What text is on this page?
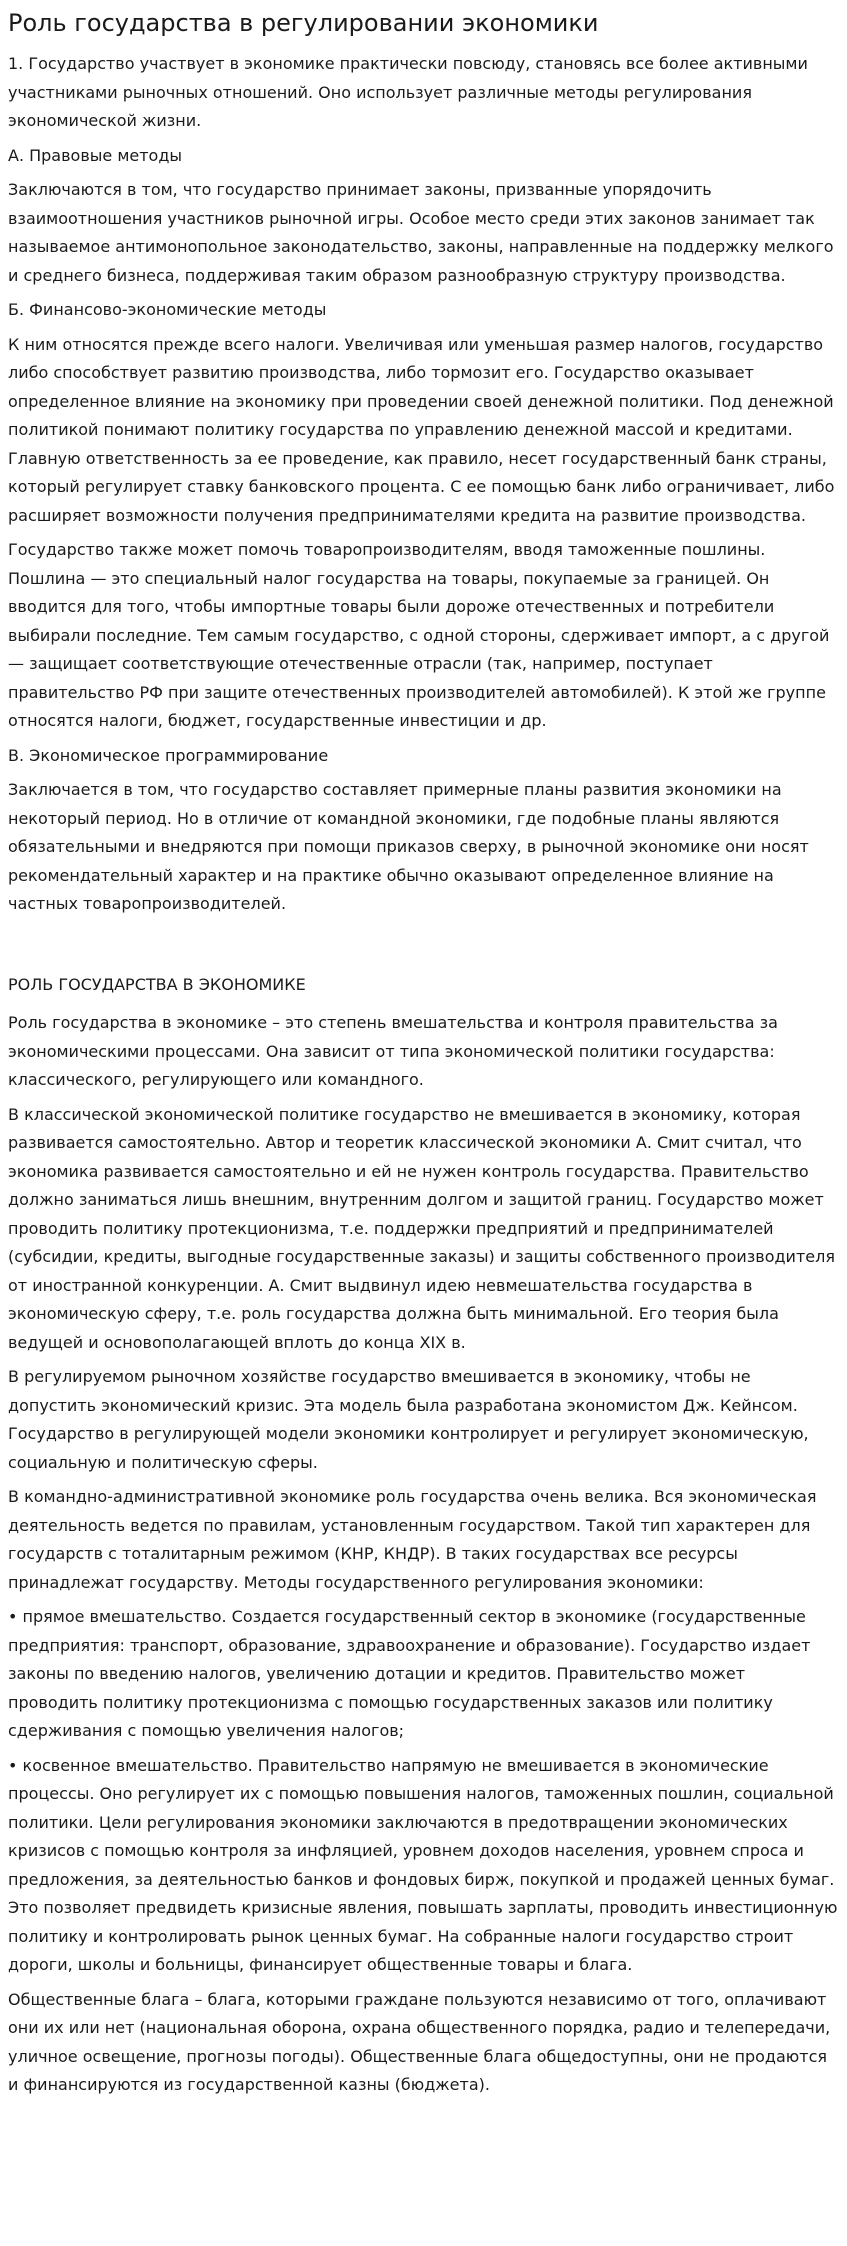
Роль государства в регулировании экономики

1. Государство участвует в экономике практически повсюду, становясь все более активными участниками рыночных отношений. Оно использует различные методы регулирования экономической жизни.

А. Правовые методы

Заключаются в том, что государство принимает законы, призванные упорядочить взаимоотношения участников рыночной игры. Особое место среди этих законов занимает так называемое антимонопольное законодательство, законы, направленные на поддержку мелкого и среднего бизнеса, поддерживая таким образом разнообразную структуру производства.

Б. Финансово-экономические методы

К ним относятся прежде всего налоги. Увеличивая или уменьшая размер налогов, государство либо способствует развитию производства, либо тормозит его. Государство оказывает определенное влияние на экономику при проведении своей денежной политики. Под денежной политикой понимают политику государства по управлению денежной массой и кредитами. Главную ответственность за ее проведение, как правило, несет государственный банк страны, который регулирует ставку банковского процента. С ее помощью банк либо ограничивает, либо расширяет возможности получения предпринимателями кредита на развитие производства.

Государство также может помочь товаропроизводителям, вводя таможенные пошлины. Пошлина — это специальный налог государства на товары, покупаемые за границей. Он вводится для того, чтобы импортные товары были дороже отечественных и потребители выбирали последние. Тем самым государство, с одной стороны, сдерживает импорт, а с другой — защищает соответствующие отечественные отрасли (так, например, поступает правительство РФ при защите отечественных производителей автомобилей). К этой же группе относятся налоги, бюджет, государственные инвестиции и др.

В. Экономическое программирование

Заключается в том, что государство составляет примерные планы развития экономики на некоторый период. Но в отличие от командной экономики, где подобные планы являются обязательными и внедряются при помощи приказов сверху, в рыночной экономике они носят рекомендательный характер и на практике обычно оказывают определенное влияние на частных товаропроизводителей.

РОЛЬ ГОСУДАРСТВА В ЭКОНОМИКЕ

Роль государства в экономике – это степень вмешательства и контроля правительства за экономическими процессами. Она зависит от типа экономической политики государства: классического, регулирующего или командного.

В классической экономической политике государство не вмешивается в экономику, которая развивается самостоятельно. Автор и теоретик классической экономики А. Смит считал, что экономика развивается самостоятельно и ей не нужен контроль государства. Правительство должно заниматься лишь внешним, внутренним долгом и защитой границ. Государство может проводить политику протекционизма, т.е. поддержки предприятий и предпринимателей (субсидии, кредиты, выгодные государственные заказы) и защиты собственного производителя от иностранной конкуренции. А. Смит выдвинул идею невмешательства государства в экономическую сферу, т.е. роль государства должна быть минимальной. Его теория была ведущей и основополагающей вплоть до конца XIX в.

В регулируемом рыночном хозяйстве государство вмешивается в экономику, чтобы не допустить экономический кризис. Эта модель была разработана экономистом Дж. Кейнсом. Государство в регулирующей модели экономики контролирует и регулирует экономическую, социальную и политическую сферы.

В командно-административной экономике роль государства очень велика. Вся экономическая деятельность ведется по правилам, установленным государством. Такой тип характерен для государств с тоталитарным режимом (КНР, КНДР). В таких государствах все ресурсы принадлежат государству. Методы государственного регулирования экономики:

• прямое вмешательство. Создается государственный сектор в экономике (государственные предприятия: транспорт, образование, здравоохранение и образование). Государство издает законы по введению налогов, увеличению дотации и кредитов. Правительство может проводить политику протекционизма с помощью государственных заказов или политику сдерживания с помощью увеличения налогов;

• косвенное вмешательство. Правительство напрямую не вмешивается в экономические процессы. Оно регулирует их с помощью повышения налогов, таможенных пошлин, социальной политики. Цели регулирования экономики заключаются в предотвращении экономических кризисов с помощью контроля за инфляцией, уровнем доходов населения, уровнем спроса и предложения, за деятельностью банков и фондовых бирж, покупкой и продажей ценных бумаг. Это позволяет предвидеть кризисные явления, повышать зарплаты, проводить инвестиционную политику и контролировать рынок ценных бумаг. На собранные налоги государство строит дороги, школы и больницы, финансирует общественные товары и блага.

Общественные блага – блага, которыми граждане пользуются независимо от того, оплачивают они их или нет (национальная оборона, охрана общественного порядка, радио и телепередачи, уличное освещение, прогнозы погоды). Общественные блага общедоступны, они не продаются и финансируются из государственной казны (бюджета).
